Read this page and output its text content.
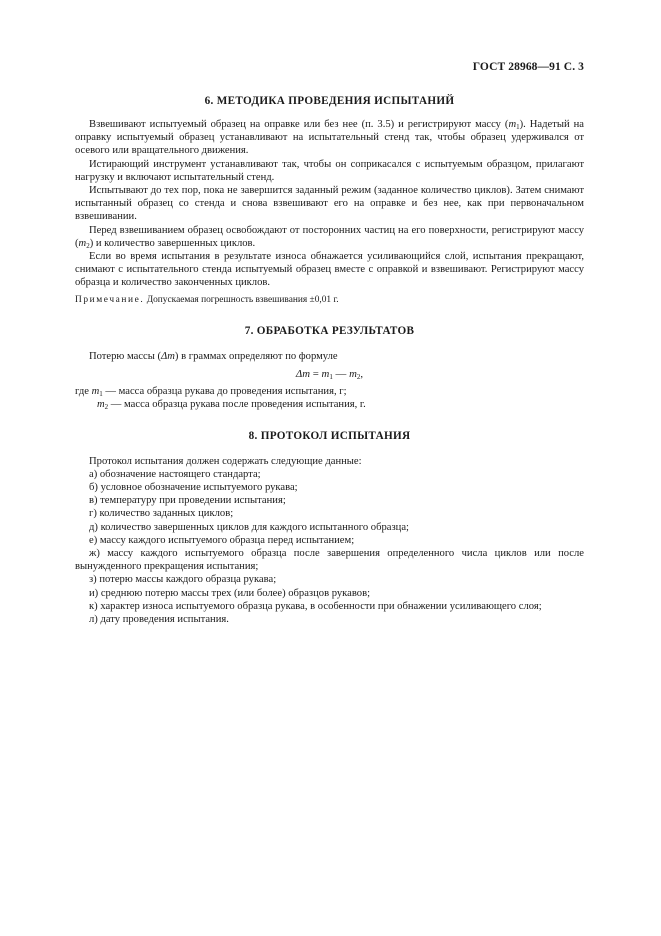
ГОСТ 28968—91 С. 3
6. МЕТОДИКА ПРОВЕДЕНИЯ ИСПЫТАНИЙ

Взвешивают испытуемый образец на оправке или без нее (п. 3.5) и регистрируют массу $(m_1)$. Надетый на оправку испытуемый образец устанавливают на испытательный стенд так, чтобы образец удерживался от осевого или вращательного движения.

Истирающий инструмент устанавливают так, чтобы он соприкасался с испытуемым образцом, прилагают нагрузку и включают испытательный стенд.

Испытывают до тех пор, пока не завершится заданный режим (заданное количество циклов). Затем снимают испытанный образец со стенда и снова взвешивают его на оправке и без нее, как при первоначальном взвешивании.

Перед взвешиванием образец освобождают от посторонних частиц на его поверхности, регистрируют массу $(m_2)$ и количество завершенных циклов.

Если во время испытания в результате износа обнажается усиливающийся слой, испытания прекращают, снимают с испытательного стенда испытуемый образец вместе с оправкой и взвешивают. Регистрируют массу образца и количество законченных циклов.

Примечание. Допускаемая погрешность взвешивания ±0,01 г.

7. ОБРАБОТКА РЕЗУЛЬТАТОВ

Потерю массы (Δm) в граммах определяют по формуле

$\Delta m = m_1$ — $m_2$,

где $m_1$ — масса образца рукава до проведения испытания, г;

$m_2$ — масса образца рукава после проведения испытания, г.

8. ПРОТОКОЛ ИСПЫТАНИЯ

Протокол испытания должен содержать следующие данные:

а) обозначение настоящего стандарта;

б) условное обозначение испытуемого рукава;

в) температуру при проведении испытания;

г) количество заданных циклов;

д) количество завершенных циклов для каждого испытанного образца;

е) массу каждого испытуемого образца перед испытанием;

ж) массу каждого испытуемого образца после завершения определенного числа циклов или после вынужденного прекращения испытания;

з) потерю массы каждого образца рукава;

и) среднюю потерю массы трех (или более) образцов рукавов;

к) характер износа испытуемого образца рукава, в особенности при обнажении усиливающего слоя;

л) дату проведения испытания.
